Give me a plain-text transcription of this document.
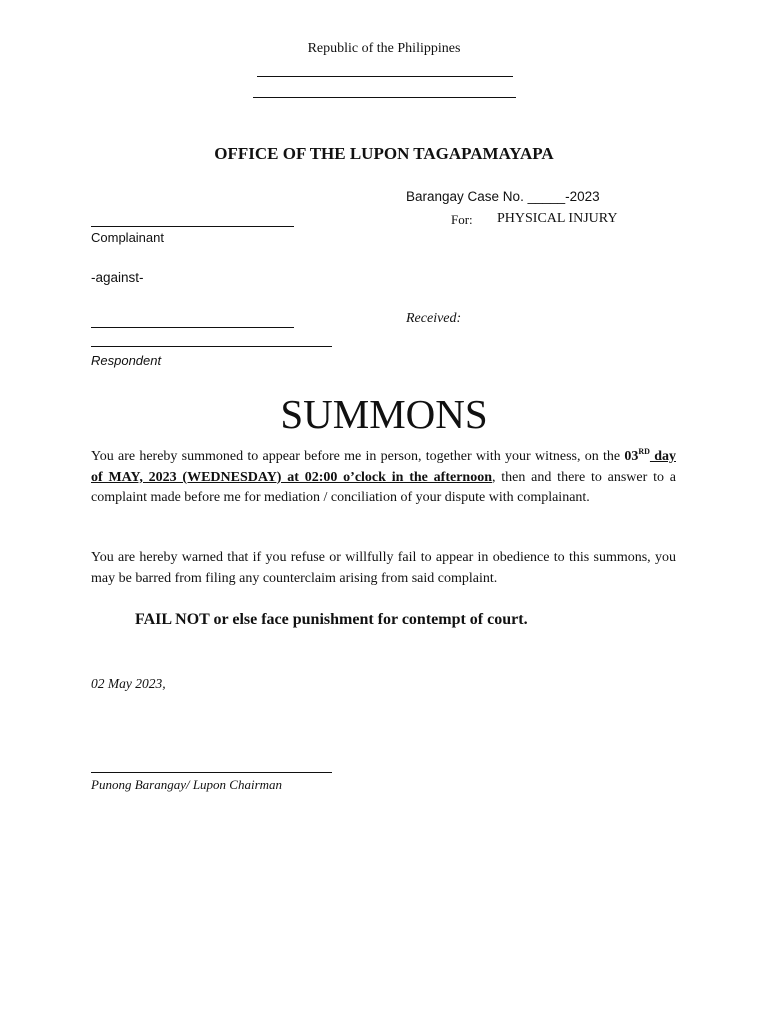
Republic of the Philippines
OFFICE OF THE LUPON TAGAPAMAYAPA
Barangay Case No. _____-2023
For: PHYSICAL INJURY
Complainant
-against-
Received:
Respondent
SUMMONS
You are hereby summoned to appear before me in person, together with your witness, on the 03RD day of MAY, 2023 (WEDNESDAY) at 02:00 o’clock in the afternoon, then and there to answer to a complaint made before me for mediation / conciliation of your dispute with complainant.
You are hereby warned that if you refuse or willfully fail to appear in obedience to this summons, you may be barred from filing any counterclaim arising from said complaint.
FAIL NOT or else face punishment for contempt of court.
02 May 2023,
Punong Barangay/ Lupon Chairman
